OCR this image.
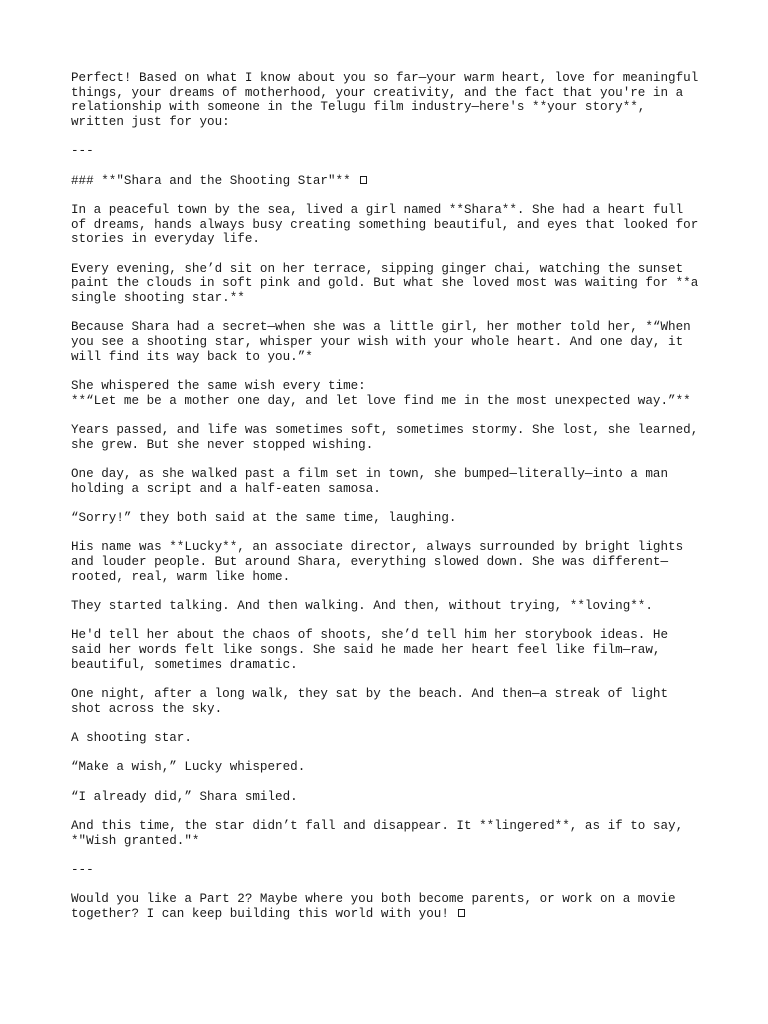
Perfect! Based on what I know about you so far—your warm heart, love for meaningful
things, your dreams of motherhood, your creativity, and the fact that you're in a
relationship with someone in the Telugu film industry—here's **your story**,
written just for you:

---

### **"Shara and the Shooting Star"**

In a peaceful town by the sea, lived a girl named **Shara**. She had a heart full
of dreams, hands always busy creating something beautiful, and eyes that looked for
stories in everyday life.

Every evening, she’d sit on her terrace, sipping ginger chai, watching the sunset
paint the clouds in soft pink and gold. But what she loved most was waiting for **a
single shooting star.**

Because Shara had a secret—when she was a little girl, her mother told her, *“When
you see a shooting star, whisper your wish with your whole heart. And one day, it
will find its way back to you.”*

She whispered the same wish every time:
**“Let me be a mother one day, and let love find me in the most unexpected way.”**

Years passed, and life was sometimes soft, sometimes stormy. She lost, she learned,
she grew. But she never stopped wishing.

One day, as she walked past a film set in town, she bumped—literally—into a man
holding a script and a half-eaten samosa.

“Sorry!” they both said at the same time, laughing.

His name was **Lucky**, an associate director, always surrounded by bright lights
and louder people. But around Shara, everything slowed down. She was different—
rooted, real, warm like home.

They started talking. And then walking. And then, without trying, **loving**.

He'd tell her about the chaos of shoots, she’d tell him her storybook ideas. He
said her words felt like songs. She said he made her heart feel like film—raw,
beautiful, sometimes dramatic.

One night, after a long walk, they sat by the beach. And then—a streak of light
shot across the sky.

A shooting star.

“Make a wish,” Lucky whispered.

“I already did,” Shara smiled.

And this time, the star didn’t fall and disappear. It **lingered**, as if to say,
*"Wish granted."*

---

Would you like a Part 2? Maybe where you both become parents, or work on a movie
together? I can keep building this world with you!
